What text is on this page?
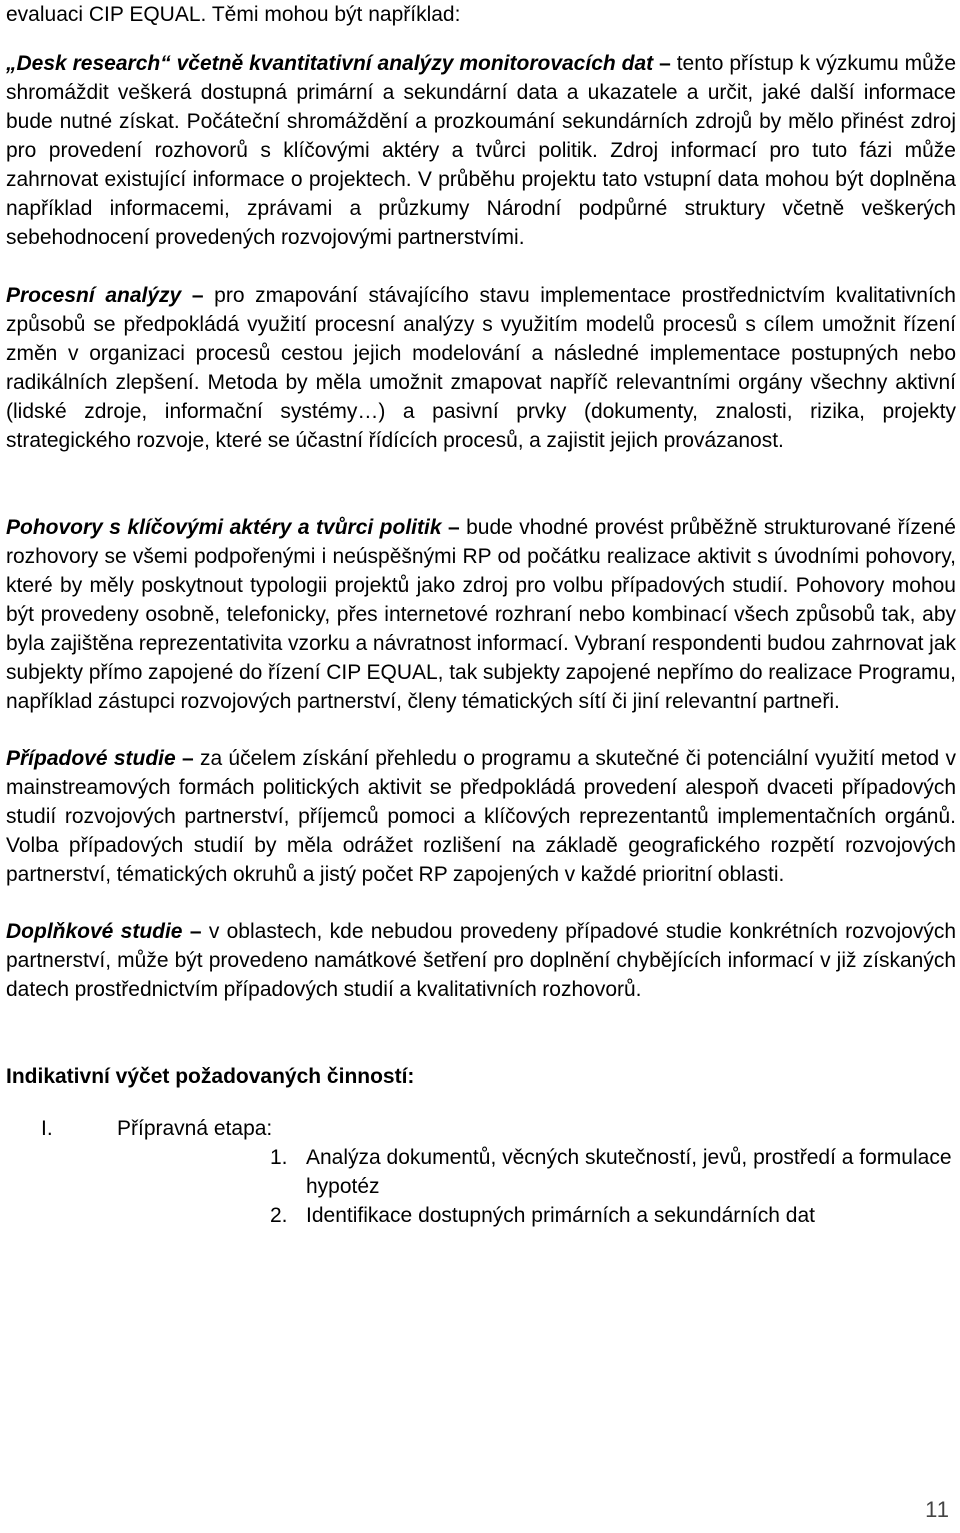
evaluaci CIP EQUAL. Těmi mohou být například:

„Desk research“ včetně kvantitativní analýzy monitorovacích dat – tento přístup k výzkumu může shromáždit veškerá dostupná primární a sekundární data a ukazatele a určit, jaké další informace bude nutné získat. Počáteční shromáždění a prozkoumání sekundárních zdrojů by mělo přinést zdroj pro provedení rozhovorů s klíčovými aktéry a tvůrci politik. Zdroj informací pro tuto fázi může zahrnovat existující informace o projektech. V průběhu projektu tato vstupní data mohou být doplněna například informacemi, zprávami a průzkumy Národní podpůrné struktury včetně veškerých sebehodnocení provedených rozvojovými partnerstvími.

Procesní analýzy – pro zmapování stávajícího stavu implementace prostřednictvím kvalitativních způsobů se předpokládá využití procesní analýzy s využitím modelů procesů s cílem umožnit řízení změn v organizaci procesů cestou jejich modelování a následné implementace postupných nebo radikálních zlepšení. Metoda by měla umožnit zmapovat napříč relevantními orgány všechny aktivní (lidské zdroje, informační systémy…) a pasivní prvky (dokumenty, znalosti, rizika, projekty strategického rozvoje, které se účastní řídících procesů, a zajistit jejich provázanost.

Pohovory s klíčovými aktéry a tvůrci politik – bude vhodné provést průběžně strukturované řízené rozhovory se všemi podpořenými i neúspěšnými RP od počátku realizace aktivit s úvodními pohovory, které by měly poskytnout typologii projektů jako zdroj pro volbu případových studií. Pohovory mohou být provedeny osobně, telefonicky, přes internetové rozhraní nebo kombinací všech způsobů tak, aby byla zajištěna reprezentativita vzorku a návratnost informací. Vybraní respondenti budou zahrnovat jak subjekty přímo zapojené do řízení CIP EQUAL, tak subjekty zapojené nepřímo do realizace Programu, například zástupci rozvojových partnerství, členy tématických sítí či jiní relevantní partneři.

Případové studie – za účelem získání přehledu o programu a skutečné či potenciální využití metod v mainstreamových formách politických aktivit se předpokládá provedení alespoň dvaceti případových studií rozvojových partnerství, příjemců pomoci a klíčových reprezentantů implementačních orgánů. Volba případových studií by měla odrážet rozlišení na základě geografického rozpětí rozvojových partnerství, tématických okruhů a jistý počet RP zapojených v každé prioritní oblasti.

Doplňkové studie – v oblastech, kde nebudou provedeny případové studie konkrétních rozvojových partnerství, může být provedeno namátkové šetření pro doplnění chybějících informací v již získaných datech prostřednictvím případových studií a kvalitativních rozhovorů.

Indikativní výčet požadovaných činností:
I.	Přípravná etapa:
1. Analýza dokumentů, věcných skutečností, jevů, prostředí a formulace hypotéz
2. Identifikace dostupných primárních a sekundárních dat
11
